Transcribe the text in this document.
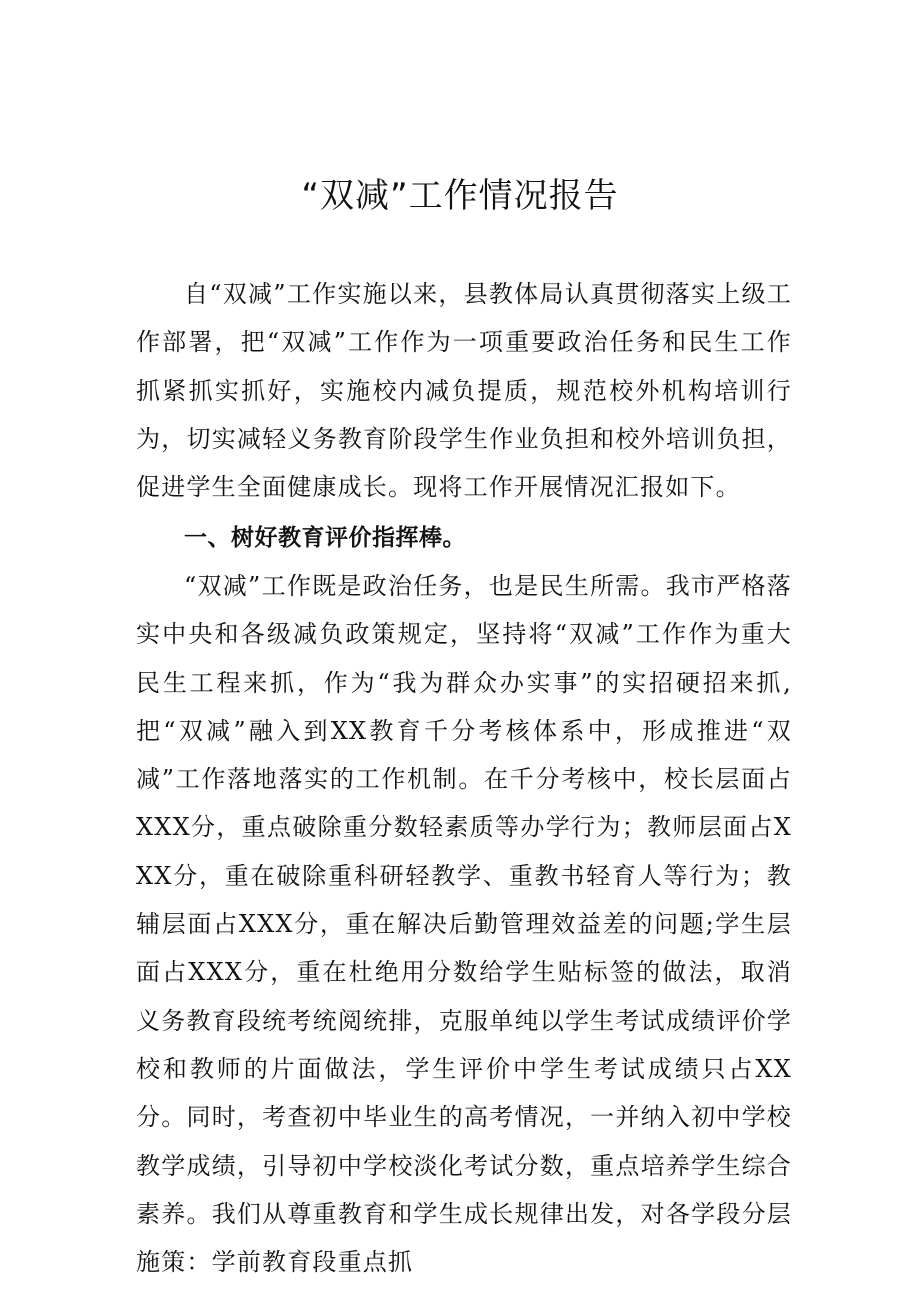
“双减”工作情况报告

自“双减”工作实施以来，县教体局认真贯彻落实上级工作部署，把“双减”工作作为一项重要政治任务和民生工作抓紧抓实抓好，实施校内减负提质，规范校外机构培训行为，切实减轻义务教育阶段学生作业负担和校外培训负担，促进学生全面健康成长。现将工作开展情况汇报如下。

一、树好教育评价指挥棒。

“双减”工作既是政治任务，也是民生所需。我市严格落实中央和各级减负政策规定，坚持将“双减”工作作为重大民生工程来抓，作为“我为群众办实事”的实招硬招来抓,把“双减”融入到XX教育千分考核体系中，形成推进“双减”工作落地落实的工作机制。在千分考核中，校长层面占XXX分，重点破除重分数轻素质等办学行为；教师层面占XXX分，重在破除重科研轻教学、重教书轻育人等行为；教辅层面占XXX分，重在解决后勤管理效益差的问题;学生层面占XXX分，重在杜绝用分数给学生贴标签的做法，取消义务教育段统考统阅统排，克服单纯以学生考试成绩评价学校和教师的片面做法，学生评价中学生考试成绩只占XX分。同时，考查初中毕业生的高考情况，一并纳入初中学校教学成绩，引导初中学校淡化考试分数，重点培养学生综合素养。我们从尊重教育和学生成长规律出发，对各学段分层施策：学前教育段重点抓
